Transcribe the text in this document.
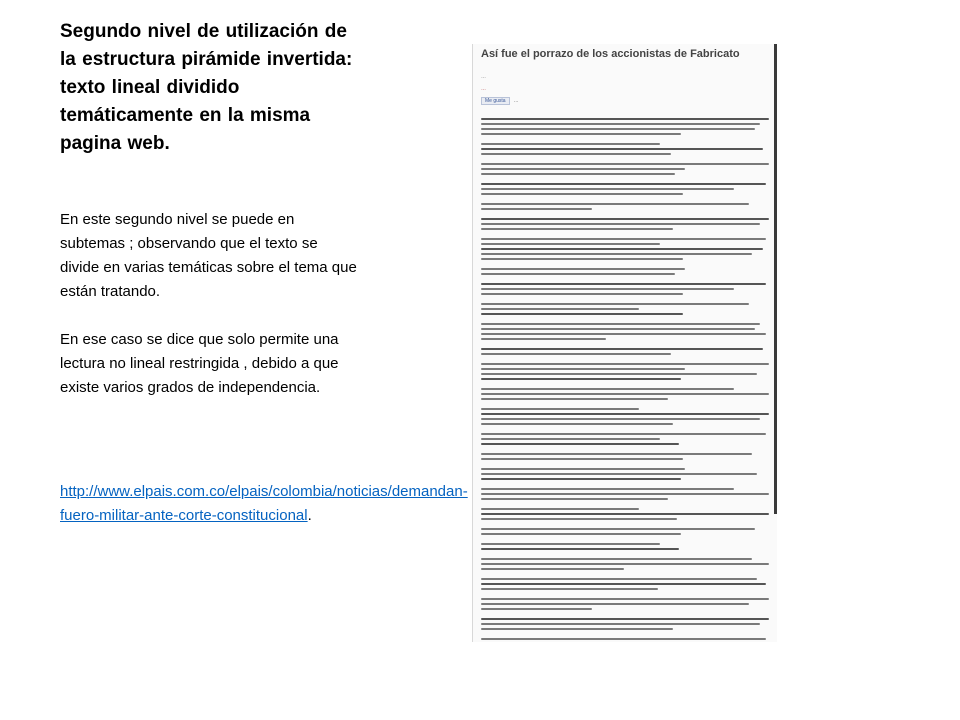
Segundo nivel de utilización de la estructura pirámide invertida: texto lineal dividido temáticamente en la misma pagina web.

En este segundo nivel se puede en subtemas ; observando que el texto se divide en varias temáticas sobre el tema que están tratando.

En ese caso se dice que solo permite una lectura no lineal restringida , debido a que existe varios grados de independencia.

http://www.elpais.com.co/elpais/colombia/noticias/demandan-fuero-militar-ante-corte-constitucional.
Así fue el porrazo de los accionistas de Fabricato
…
…
Me gusta …
